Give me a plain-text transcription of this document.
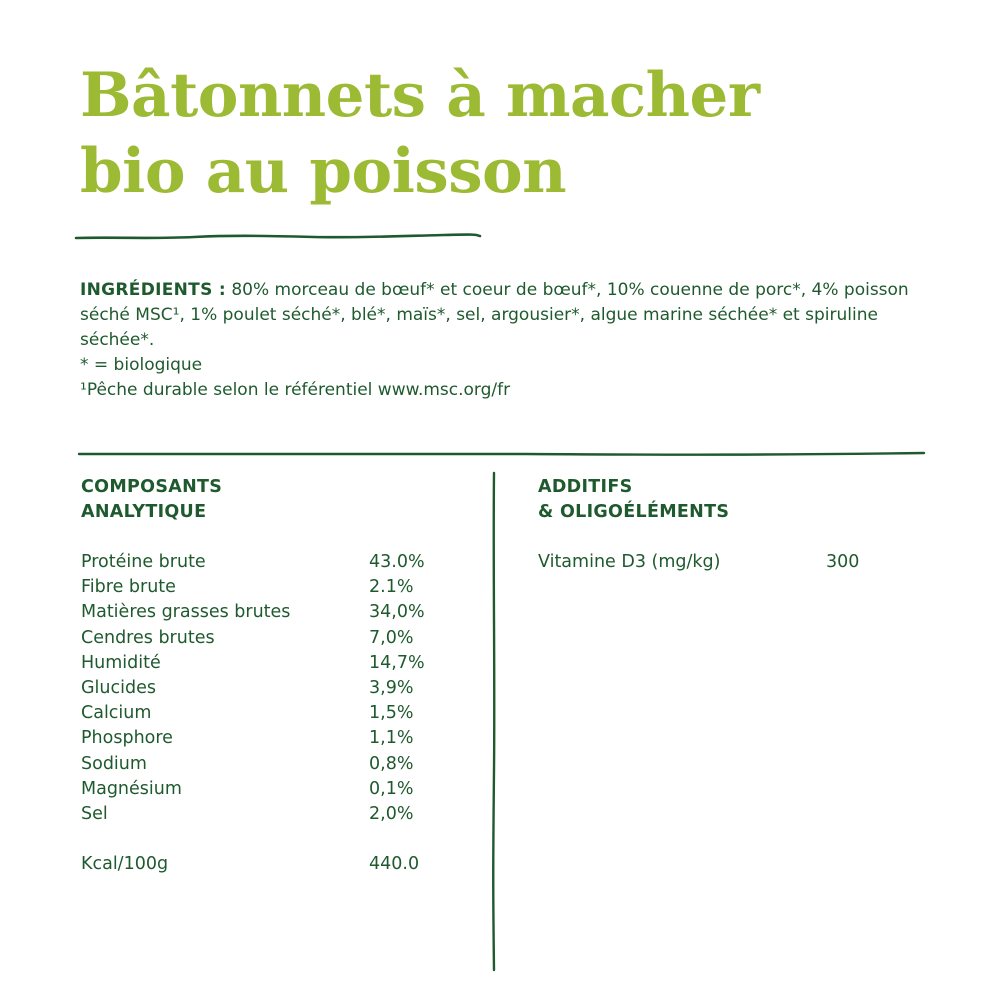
Bâtonnets à macher
bio au poisson

INGRÉDIENTS : 80% morceau de bœuf* et coeur de bœuf*, 10% couenne de porc*, 4% poisson séché MSC¹, 1% poulet séché*, blé*, maïs*, sel, argousier*, algue marine séchée* et spiruline séchée*.

* = biologique

¹Pêche durable selon le référentiel www.msc.org/fr

COMPOSANTS
ANALYTIQUE
Protéine brute	43.0%
Fibre brute	2.1%
Matières grasses brutes	34,0%
Cendres brutes	7,0%
Humidité	14,7%
Glucides	3,9%
Calcium	1,5%
Phosphore	1,1%
Sodium	0,8%
Magnésium	0,1%
Sel	2,0%
Kcal/100g	440.0
ADDITIFS
& OLIGOÉLÉMENTS
Vitamine D3 (mg/kg)	300
